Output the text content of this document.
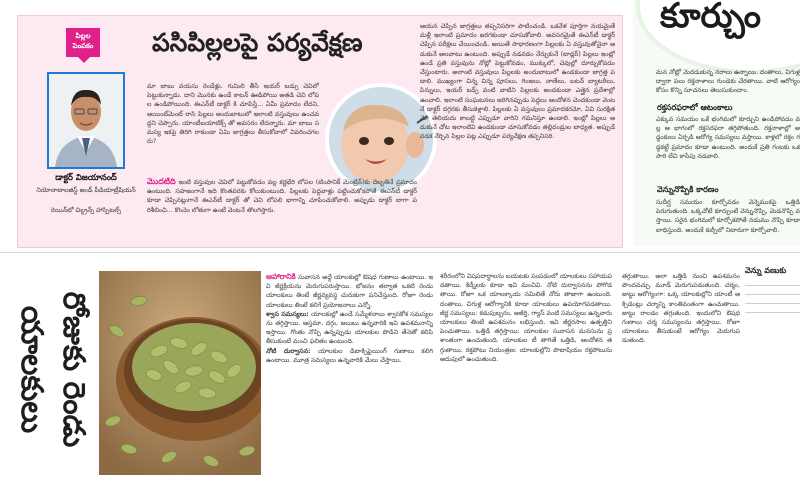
పిల్లల పెంపకం
డాక్టర్ విజయానంద్
నియోనాటాలజిస్ట్ అండ్ పీడియాట్రీషియన్
రెయిన్‌బో చిల్డ్రన్స్ హాస్పిటల్స్
పసిపిల్లలపై పర్యవేక్షణ
మా బాబు వయసు రెండేళ్లు. గుమిలి తీసే ఇయర్ బడ్సు చెవిలో పెట్టుకున్నాడు. దాని మొనకు ఉండే కాటన్ ఊడిపోయి అతడి చెవి లోపల ఉండిపోయింది. ఈఎన్‌టీ డాక్టర్ కి చూపిస్తే... ఏమీ ప్రమాదం లేదని, ఆయింట్‌మెంట్ రాసి పిల్లలు అందుబాటులో ఇలాంటి వస్తువులు ఉంచవద్దని చెప్పారు. యాంటీబయాటిక్స్ తో అవసరం లేదన్నారు. మా బాబు సమస్య ఇకపై తిరిగి రాకుండా ఏమి జాగ్రత్తలు తీసుకోవాలో వివరించగలరు?
మొదటిది ఇంటి వస్తువుల చెవిలో పెట్టుకోవడం వల్ల కర్ణభేరి లోపల (టింపానిక్ మెంబ్రేన్)కు దెబ్బతినే ప్రమాదం ఉంటుంది. సహజంగానే ఇది కొంతవరకు కోలుకుంటుంది. పిల్లలకు పెద్దవాళ్లు పట్టించుకోకపోతే ఈఎన్‌టీ డాక్టర్ కూడా చెప్పినట్లుగానే ఈఎన్‌టీ డాక్టర్ తో చెవి లోపలి భాగాన్ని చూపించుకోవాలి. అప్పుడు డాక్టర్ బాగా పరిశీలించి... కొంచెం లోతుగా ఉంటే వెంటనే తొలగిస్తారు.
ఆయన చెప్పిన జాగ్రత్తలు తప్పనిసరిగా పాటించండి. ఒకవేళ పూర్తిగా నయమైతే మళ్లీ ఇలాంటి ప్రమాదం జరగకుండా చూసుకోవాలి. అవసరమైతే ఈఎన్‌టీ డాక్టర్ చెప్పిన పరీక్షలు చేయించండి. అయితే సాధారణంగా పిల్లలకు ఏ వస్తువుతోనైనా ఆడుకునే అలవాటు ఉంటుంది. అప్పుడే నడవడం నేర్చుకునే (టాడ్లర్) పిల్లలు ఇంట్లో ఉండే ప్రతి వస్తువును నోట్లో పెట్టుకోవడం, ముక్కులో, చెవుల్లో దూర్చుకోవడం చేస్తుంటారు. అలాంటి వస్తువులు పిల్లలకు అందుబాటులో ఉండకుండా జాగ్రత్త పడాలి. ముఖ్యంగా చిన్న చిన్న పూసలు, గింజలు, నాణేలు, బటన్ బ్యాటరీలు, పిన్నులు, ఇయర్ బడ్స్ వంటి వాటిని పిల్లలకు అందకుండా ఎత్తైన ప్రదేశాల్లో ఉంచాలి. ఇలాంటి సంఘటనలు జరిగినప్పుడు పెద్దలు ఆందోళన చెందకుండా వెంటనే డాక్టర్ దగ్గరకు తీసుకెళ్లాలి. పిల్లలకు ఏ వస్తువులు ప్రమాదకరమో, ఏవి సురక్షితమో తెలియదు కాబట్టి ఎప్పుడూ వారిని గమనిస్తూ ఉండాలి. ఇంట్లో పిల్లలు ఆడుకునే చోట ఇలాంటివి ఉండకుండా చూసుకోవడం తల్లిదండ్రుల బాధ్యత. అప్పుడే నడక నేర్చిన పిల్లల పట్ల ఎప్పుడూ పర్యవేక్షణ తప్పనిసరి.
కూర్చుం
మన నోట్లో మెదడుకున్న నరాలు ఉన్నాయి. దంతాలు, చిగుళ్ల ద్వారా పలు రక్తనాళాలు గుండెకు చేరతాయి. వాటి ఆరోగ్యం కోసం కొన్ని సూచనలు తెలుసుకుందాం.
రక్తసరఫరాలో ఆటంకాలు
ఎక్కువ సమయం ఒకే భంగిమలో కూర్చుని ఉండిపోవడం వల్ల ఆ భాగంలో రక్తసరఫరా తగ్గిపోతుంది. రక్తనాళాల్లో అడ్డంకులు ఏర్పడి ఆరోగ్య సమస్యలు వస్తాయి. కాళ్లలో రక్తం గడ్డకట్టే ప్రమాదం కూడా ఉంటుంది. అందుకే ప్రతి గంటకు ఒకసారి లేచి కాసేపు నడవాలి.
వెన్నునొప్పికి కారణం
సుదీర్ఘ సమయం కూర్చోవడం వెన్నెముకపై ఒత్తిడి పెరుగుతుంది. ఒక్కచోటే కూర్చుంటే వెన్నునొప్పి, మెడనొప్పి వస్తాయి. సరైన భంగిమలో కూర్చోకపోతే నడుము నొప్పి కూడా బాధిస్తుంది. అందుకే కుర్చీలో నిటారుగా కూర్చోవాలి.
రోజుకు రెండు యాలకులు
ఆహారానికి సువాసన అద్దే యాలకుల్లో ఔషధ గుణాలు ఉంటాయి. ఇవి జీర్ణక్రియను మెరుగుపరుస్తాయి. భోజనం తర్వాత ఒకటి రెండు యాలకులు తింటే జీర్ణవ్యవస్థ చురుకుగా పనిచేస్తుంది. రోజూ రెండు యాలకులు తింటే కలిగే ప్రయోజనాలు ఎన్నో.
శ్వాస సమస్యలు: యాలకుల్లో ఉండే సమ్మేళనాలు శ్వాసకోశ సమస్యలను తగ్గిస్తాయి. ఆస్తమా, దగ్గు, జలుబు ఉన్నవారికి ఇవి ఉపశమనాన్ని ఇస్తాయి. గొంతు నొప్పి ఉన్నప్పుడు యాలకుల పొడిని తేనెతో కలిపి తీసుకుంటే మంచి ఫలితం ఉంటుంది.
నోటి దుర్వాసన: యాలకుల డిటాక్సిఫైయింగ్ గుణాలు కలిగి ఉంటాయి. మూత్ర సమస్యలు ఉన్నవారికి మేలు చేస్తాయి.
శరీరంలోని విషపదార్థాలను బయటకు పంపడంలో యాలకులు సహాయపడతాయి. కిడ్నీలకు కూడా ఇవి మంచివి. నోటి దుర్వాసనను పోగొడతాయి. రోజూ ఒక యాలక్కాయ నమిలితే నోరు తాజాగా ఉంటుంది. దంతాలు, చిగుళ్ల ఆరోగ్యానికి కూడా యాలకులు ఉపయోగపడతాయి. జీర్ణ సమస్యలు: కడుపుబ్బరం, అజీర్తి, గ్యాస్ వంటి సమస్యలు ఉన్నవారు యాలకులు తింటే ఉపశమనం లభిస్తుంది. ఇవి జీర్ణరసాల ఉత్పత్తిని పెంచుతాయి. ఒత్తిడి తగ్గిస్తాయి: యాలకుల సువాసన మనసును ప్రశాంతంగా ఉంచుతుంది. యాలకుల టీ తాగితే ఒత్తిడి, ఆందోళన తగ్గుతాయి. రక్తపోటు నియంత్రణ: యాలకుల్లోని పొటాషియం రక్తపోటును అదుపులో ఉంచుతుంది.
తగ్గుతాయి. అలా ఒత్తిడి నుంచి ఉపశమనం పొందవచ్చు. మూడ్ మెరుగుపడుతుంది. చర్మం, జుట్టు ఆరోగ్యంగా: ఒక్క యాలకుల్లోని యాంటీ ఆక్సిడెంట్లు చర్మాన్ని కాంతివంతంగా ఉంచుతాయి. జుట్టు రాలడం తగ్గుతుంది. ఇందులోని ఔషధ గుణాలు చర్మ సమస్యలను తగ్గిస్తాయి. రోజూ యాలకులు తీసుకుంటే ఆరోగ్యం మెరుగుపడుతుంది.
వెన్ను వణుకు
